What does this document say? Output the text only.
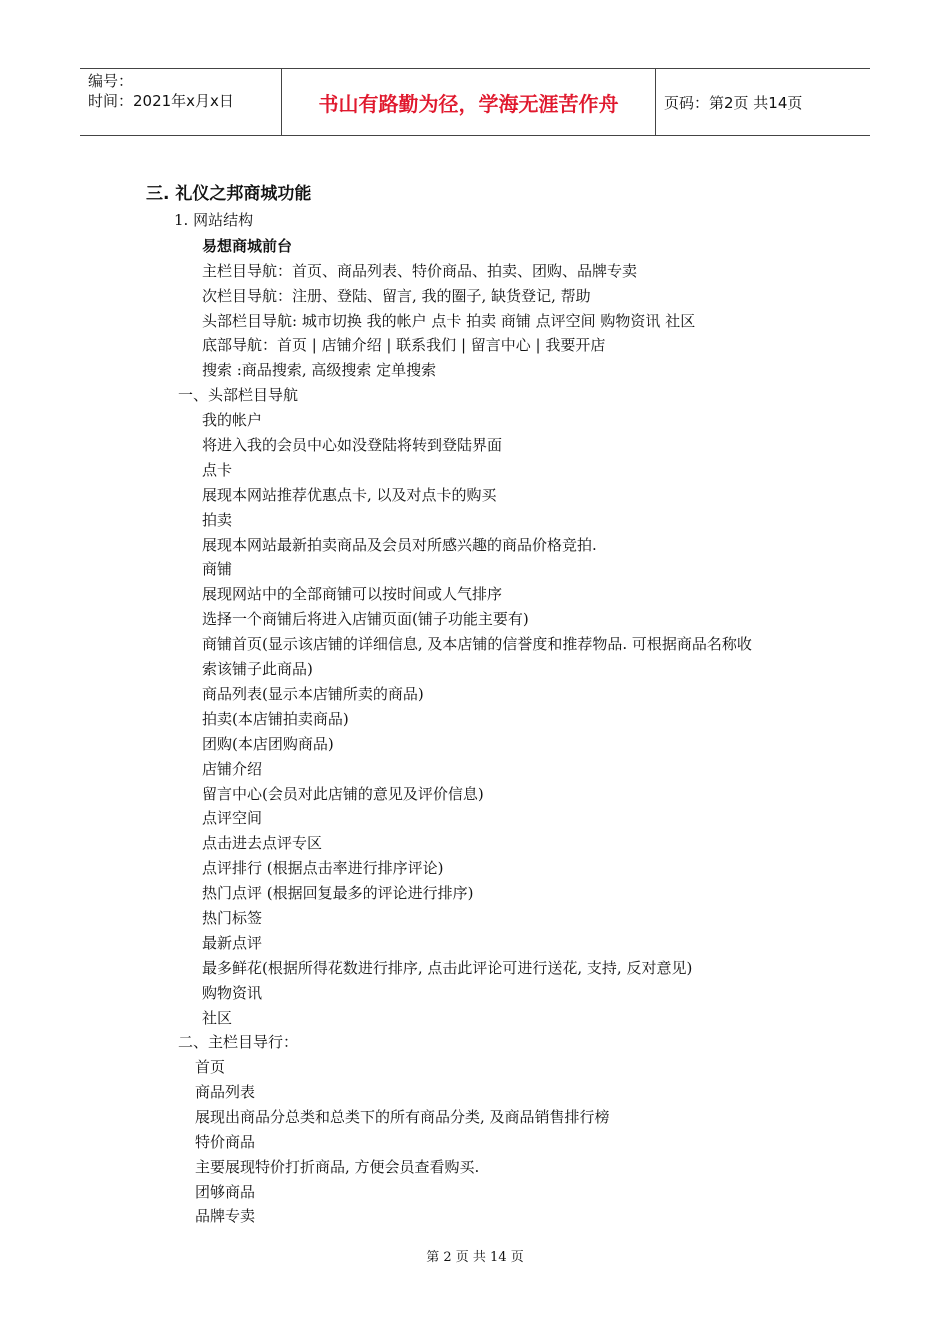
编号：
时间：2021年x月x日	书山有路勤为径，学海无涯苦作舟	页码：第2页 共14页
三. 礼仪之邦商城功能
1. 网站结构
易想商城前台
主栏目导航：首页、商品列表、特价商品、拍卖、团购、品牌专卖
次栏目导航：注册、登陆、留言, 我的圈子, 缺货登记, 帮助
头部栏目导航: 城市切换 我的帐户 点卡 拍卖 商铺 点评空间 购物资讯 社区
底部导航：首页 | 店铺介绍 | 联系我们 | 留言中心 | 我要开店
搜索 :商品搜索, 高级搜索 定单搜索
一、头部栏目导航
我的帐户
将进入我的会员中心如没登陆将转到登陆界面
点卡
展现本网站推荐优惠点卡, 以及对点卡的购买
拍卖
展现本网站最新拍卖商品及会员对所感兴趣的商品价格竞拍.
商铺
展现网站中的全部商铺可以按时间或人气排序
选择一个商铺后将进入店铺页面(铺子功能主要有)
商铺首页(显示该店铺的详细信息, 及本店铺的信誉度和推荐物品. 可根据商品名称收
索该铺子此商品)
商品列表(显示本店铺所卖的商品)
拍卖(本店铺拍卖商品)
团购(本店团购商品)
店铺介绍
留言中心(会员对此店铺的意见及评价信息)
点评空间
点击进去点评专区
点评排行 (根据点击率进行排序评论)
热门点评 (根据回复最多的评论进行排序)
热门标签
最新点评
最多鲜花(根据所得花数进行排序, 点击此评论可进行送花, 支持, 反对意见)
购物资讯
社区
二、主栏目导行：
首页
商品列表
展现出商品分总类和总类下的所有商品分类, 及商品销售排行榜
特价商品
主要展现特价打折商品, 方便会员查看购买.
团够商品
品牌专卖
第 2 页 共 14 页
